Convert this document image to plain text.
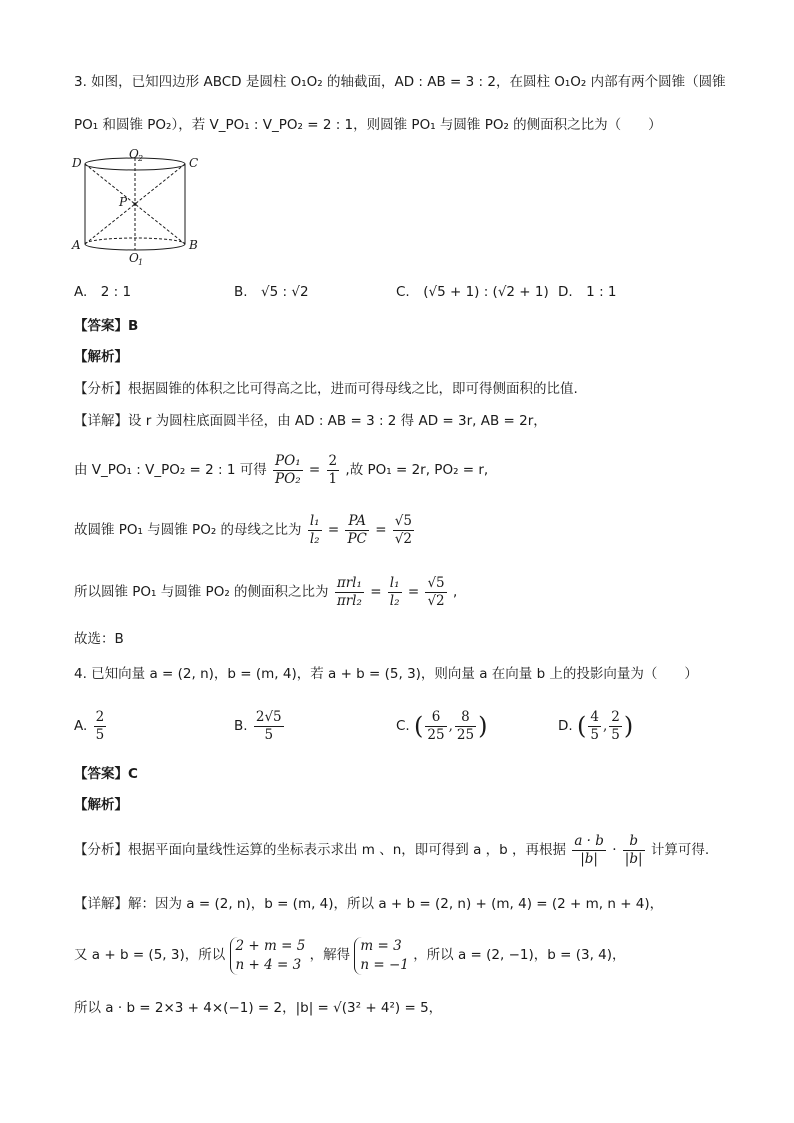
3. 如图，已知四边形 ABCD 是圆柱 O₁O₂ 的轴截面，AD : AB = 3 : 2，在圆柱 O₁O₂ 内部有两个圆锥（圆锥
PO₁ 和圆锥 PO₂），若 V_PO₁ : V_PO₂ = 2 : 1，则圆锥 PO₁ 与圆锥 PO₂ 的侧面积之比为（　　）
D	C
O 2
P
A	B
O 1
A.　2 : 1	B.　√5 : √2	C.　(√5 + 1) : (√2 + 1) D.　1 : 1
【答案】B
【解析】
【分析】根据圆锥的体积之比可得高之比，进而可得母线之比，即可得侧面积的比值.
【详解】设 r 为圆柱底面圆半径，由 AD : AB = 3 : 2 得 AD = 3r, AB = 2r，
由 V_PO₁ : V_PO₂ = 2 : 1 可得 $\frac{\text{PO₁}}{\text{PO₂}} = \frac{2}{1}$ ,故 PO₁ = 2r, PO₂ = r,
故圆锥 PO₁ 与圆锥 PO₂ 的母线之比为 $\frac{\text{l₁}}{\text{l₂}} = \frac{PA}{PC} = \frac{√5}{√2}$
所以圆锥 PO₁ 与圆锥 PO₂ 的侧面积之比为 $\frac{\text{πrl₁}}{\text{πrl₂}} = \frac{\text{l₁}}{\text{l₂}} = \frac{√5}{√2}$ ,
故选：B
4. 已知向量 a = (2, n)，b = (m, 4)，若 a + b = (5, 3)，则向量 a 在向量 b 上的投影向量为（　　）
A. $\frac{2}{5}$	B. $\frac{2√5}{5}$	C. ( $\frac{6}{25}$ , $\frac{8}{25}$ )	D. ( $\frac{4}{5}$ , $\frac{2}{5}$ )
【答案】C
【解析】
【分析】根据平面向量线性运算的坐标表示求出 m 、n，即可得到 a ，b ，再根据 $\frac{a \cdot b}{|b|} \cdot \frac{b}{|b|}$ 计算可得.
【详解】解：因为 a = (2, n)，b = (m, 4)，所以 a + b = (2, n) + (m, 4) = (2 + m, n + 4)，
又 a + b = (5, 3)，所以
2 + m = 5
n + 4 = 3
，解得
m = 3
n = −1
，所以 a = (2, −1)，b = (3, 4)，
所以 a · b = 2×3 + 4×(−1) = 2，|b| = √(3² + 4²) = 5，
